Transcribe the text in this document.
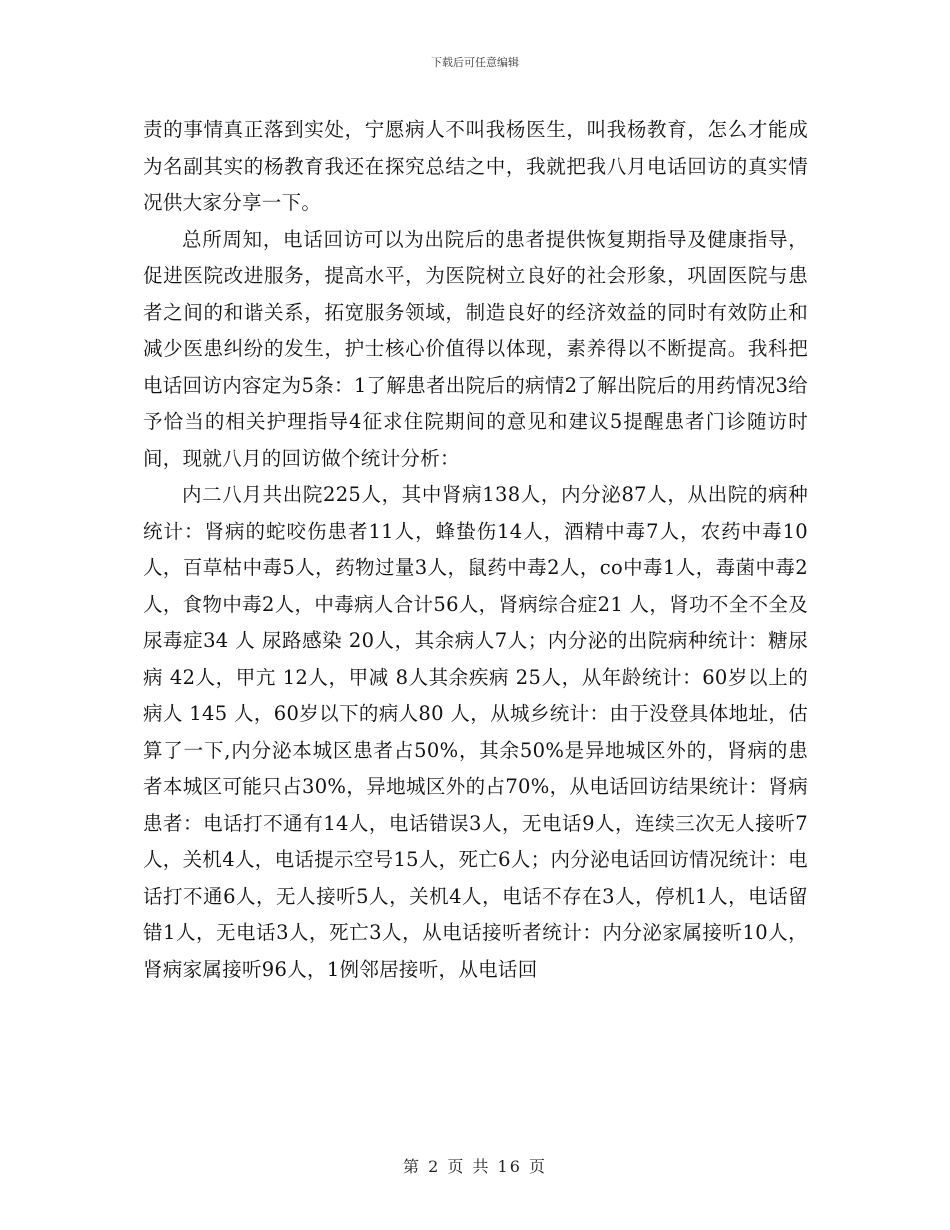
下载后可任意编辑

责的事情真正落到实处，宁愿病人不叫我杨医生，叫我杨教育，怎么才能成为名副其实的杨教育我还在探究总结之中，我就把我八月电话回访的真实情况供大家分享一下。

总所周知，电话回访可以为出院后的患者提供恢复期指导及健康指导，促进医院改进服务，提高水平，为医院树立良好的社会形象，巩固医院与患者之间的和谐关系，拓宽服务领域，制造良好的经济效益的同时有效防止和减少医患纠纷的发生，护士核心价值得以体现，素养得以不断提高。我科把电话回访内容定为5条：1了解患者出院后的病情2了解出院后的用药情况3给予恰当的相关护理指导4征求住院期间的意见和建议5提醒患者门诊随访时间，现就八月的回访做个统计分析：

内二八月共出院225人，其中肾病138人，内分泌87人，从出院的病种统计：肾病的蛇咬伤患者11人，蜂蛰伤14人，酒精中毒7人，农药中毒10人，百草枯中毒5人，药物过量3人，鼠药中毒2人，co中毒1人，毒菌中毒2人，食物中毒2人，中毒病人合计56人，肾病综合症21 人，肾功不全不全及尿毒症34 人 尿路感染 20人，其余病人7人；内分泌的出院病种统计：糖尿病 42人，甲亢 12人，甲减 8人其余疾病 25人，从年龄统计：60岁以上的病人 145 人，60岁以下的病人80 人，从城乡统计：由于没登具体地址，估算了一下,内分泌本城区患者占50%，其余50%是异地城区外的，肾病的患者本城区可能只占30%，异地城区外的占70%，从电话回访结果统计：肾病患者：电话打不通有14人，电话错误3人，无电话9人，连续三次无人接听7人，关机4人，电话提示空号15人，死亡6人；内分泌电话回访情况统计：电话打不通6人，无人接听5人，关机4人，电话不存在3人，停机1人，电话留错1人，无电话3人，死亡3人，从电话接听者统计：内分泌家属接听10人，肾病家属接听96人，1例邻居接听，从电话回

第 2 页 共 16 页
